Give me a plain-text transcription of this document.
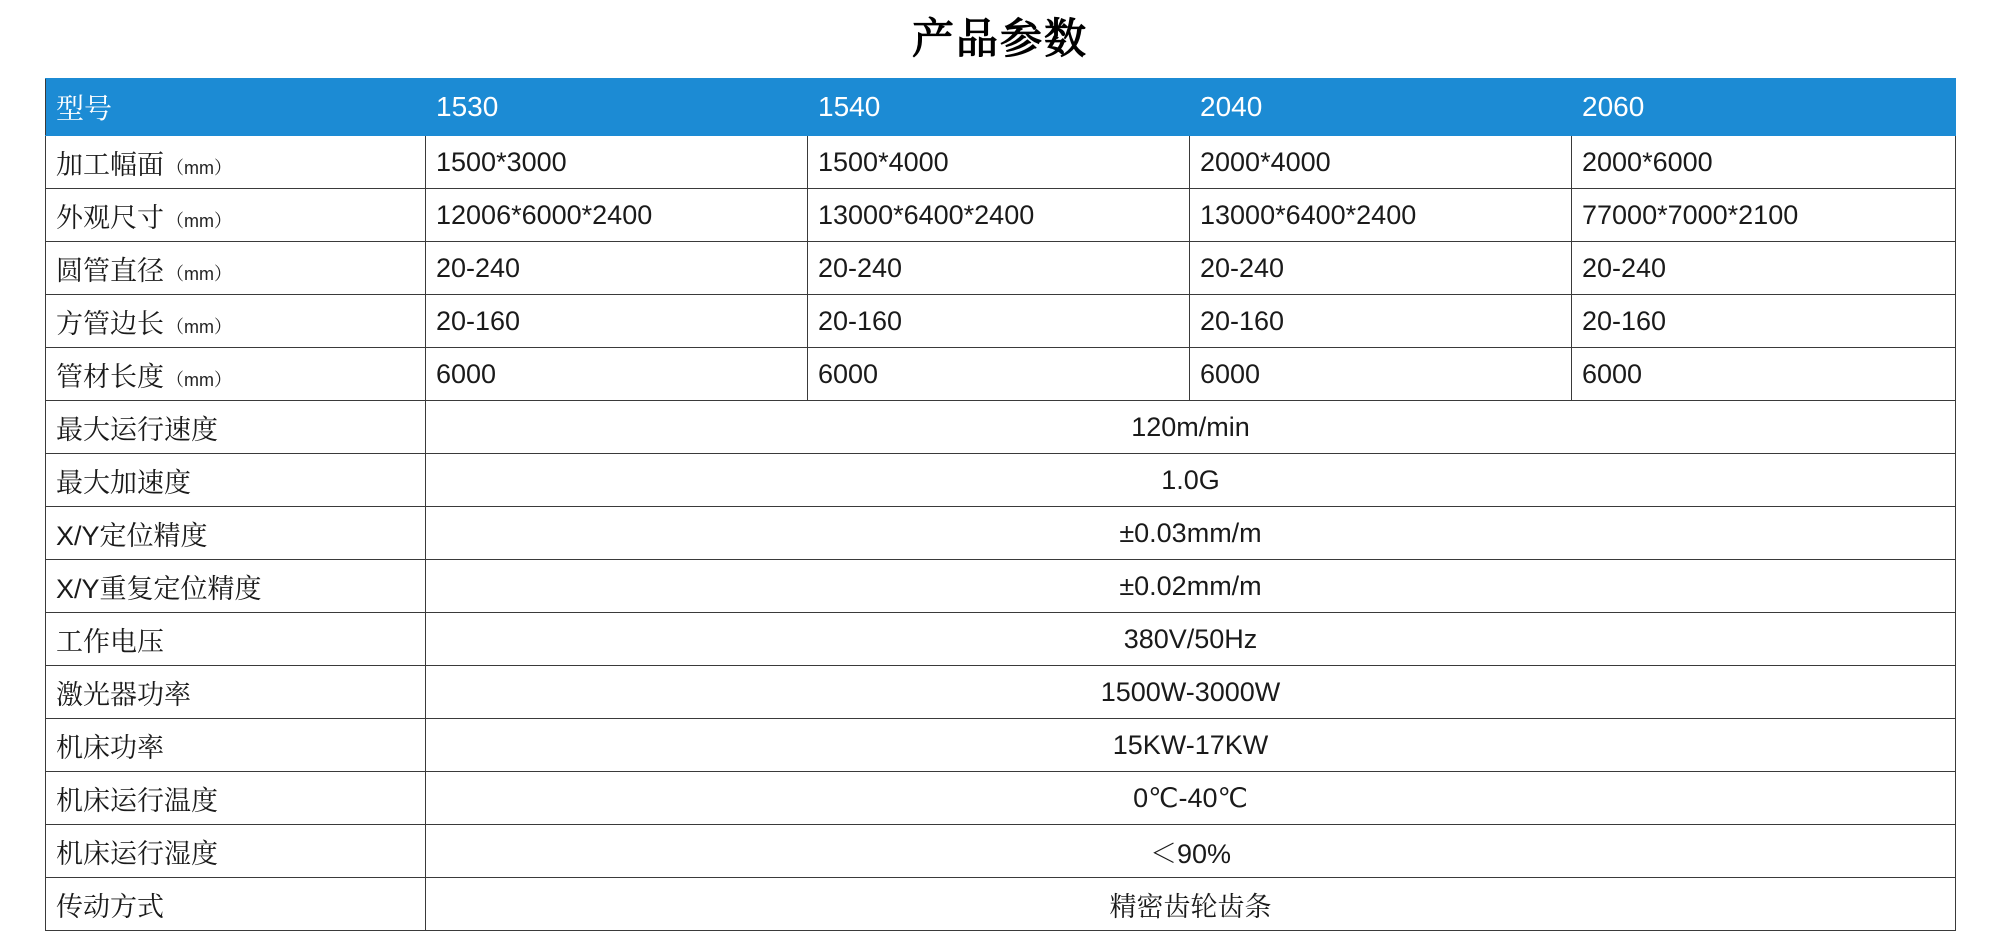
产品参数
型号	1530	1540	2040	2060
加工幅面 （mm）	1500*3000	1500*4000	2000*4000	2000*6000
外观尺寸 （mm）	12006*6000*2400	13000*6400*2400	13000*6400*2400	77000*7000*2100
圆管直径 （mm）	20-240	20-240	20-240	20-240
方管边长 （mm）	20-160	20-160	20-160	20-160
管材长度 （mm）	6000	6000	6000	6000
最大运行速度	120m/min			
最大加速度	1.0G			
X/Y定位精度	±0.03mm/m			
X/Y重复定位精度	±0.02mm/m			
工作电压	380V/50Hz			
激光器功率	1500W-3000W			
机床功率	15KW-17KW			
机床运行温度	0℃-40℃			
机床运行湿度	＜90%			
传动方式	精密齿轮齿条			
